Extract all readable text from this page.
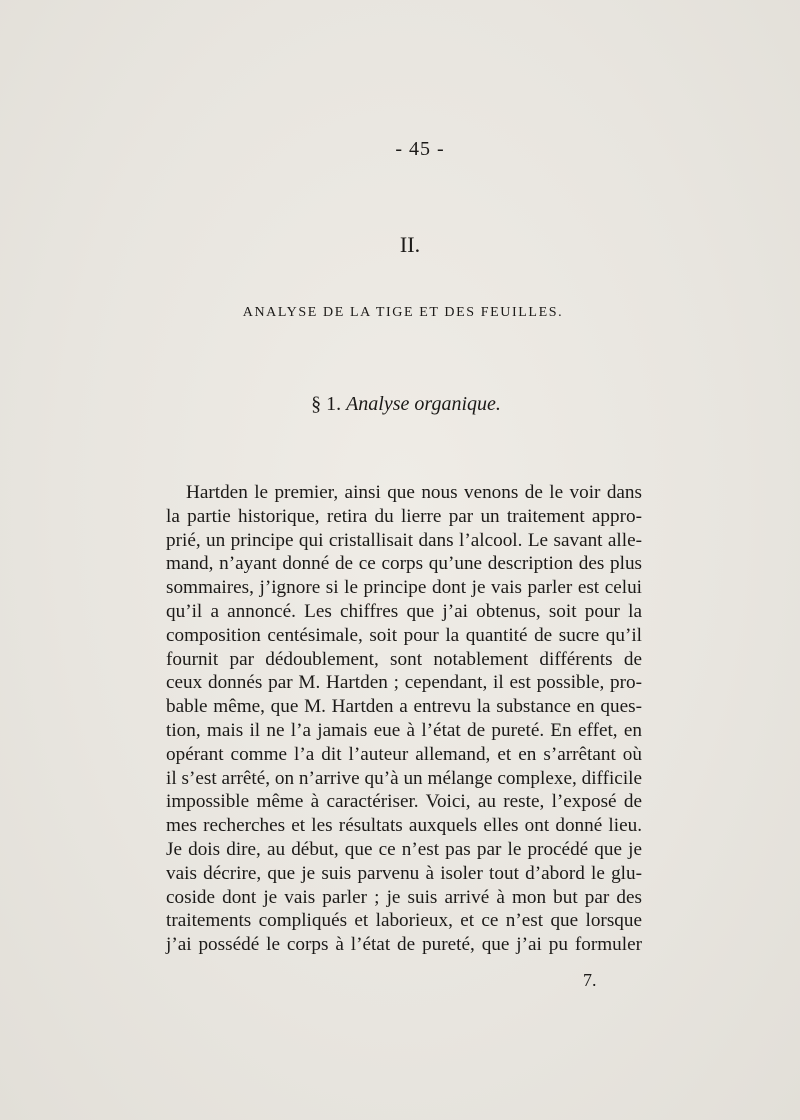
- 45 -
II.
ANALYSE DE LA TIGE ET DES FEUILLES.
§ 1. Analyse organique.
Hartden le premier, ainsi que nous venons de le voir dans
la partie historique, retira du lierre par un traitement appro-
prié, un principe qui cristallisait dans l’alcool. Le savant alle-
mand, n’ayant donné de ce corps qu’une description des plus
sommaires, j’ignore si le principe dont je vais parler est celui
qu’il a annoncé. Les chiffres que j’ai obtenus, soit pour la
composition centésimale, soit pour la quantité de sucre qu’il
fournit par dédoublement, sont notablement différents de
ceux donnés par M. Hartden ; cependant, il est possible, pro-
bable même, que M. Hartden a entrevu la substance en ques-
tion, mais il ne l’a jamais eue à l’état de pureté. En effet, en
opérant comme l’a dit l’auteur allemand, et en s’arrêtant où
il s’est arrêté, on n’arrive qu’à un mélange complexe, difficile
impossible même à caractériser. Voici, au reste, l’exposé de
mes recherches et les résultats auxquels elles ont donné lieu.
Je dois dire, au début, que ce n’est pas par le procédé que je
vais décrire, que je suis parvenu à isoler tout d’abord le glu-
coside dont je vais parler ; je suis arrivé à mon but par des
traitements compliqués et laborieux, et ce n’est que lorsque
j’ai possédé le corps à l’état de pureté, que j’ai pu formuler
7.
